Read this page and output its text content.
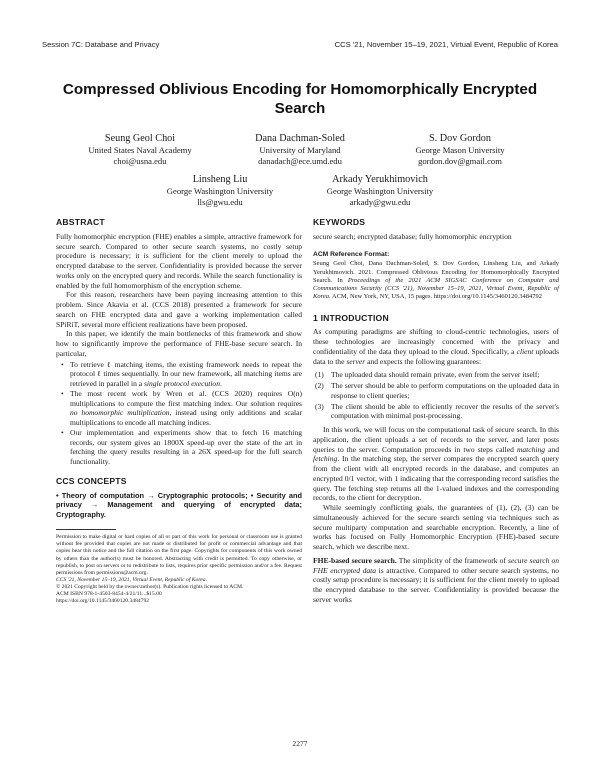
Session 7C: Database and Privacy	CCS '21, November 15–19, 2021, Virtual Event, Republic of Korea
Compressed Oblivious Encoding for Homomorphically Encrypted Search
Seung Geol Choi
United States Naval Academy
choi@usna.edu
Dana Dachman-Soled
University of Maryland
danadach@ece.umd.edu
S. Dov Gordon
George Mason University
gordon.dov@gmail.com
Linsheng Liu
George Washington University
lls@gwu.edu
Arkady Yerukhimovich
George Washington University
arkady@gwu.edu
ABSTRACT

Fully homomorphic encryption (FHE) enables a simple, attractive framework for secure search. Compared to other secure search systems, no costly setup procedure is necessary; it is sufficient for the client merely to upload the encrypted database to the server. Confidentiality is provided because the server works only on the encrypted query and records. While the search functionality is enabled by the full homomorphism of the encryption scheme.

For this reason, researchers have been paying increasing attention to this problem. Since Akavia et al. (CCS 2018) presented a framework for secure search on FHE encrypted data and gave a working implementation called SPiRiT, several more efficient realizations have been proposed.

In this paper, we identify the main bottlenecks of this framework and show how to significantly improve the performance of FHE-base secure search. In particular,

• To retrieve ℓ matching items, the existing framework needs to repeat the protocol ℓ times sequentially. In our new framework, all matching items are retrieved in parallel in a single protocol execution.
• The most recent work by Wren et al. (CCS 2020) requires O(n) multiplications to compute the first matching index. Our solution requires no homomorphic multiplication, instead using only additions and scalar multiplications to encode all matching indices.
• Our implementation and experiments show that to fetch 16 matching records, our system gives an 1800X speed-up over the state of the art in fetching the query results resulting in a 26X speed-up for the full search functionality.
CCS CONCEPTS
• Theory of computation → Cryptographic protocols; • Security and privacy → Management and querying of encrypted data; Cryptography.

Permission to make digital or hard copies of all or part of this work for personal or classroom use is granted without fee provided that copies are not made or distributed for profit or commercial advantage and that copies bear this notice and the full citation on the first page. Copyrights for components of this work owned by others than the author(s) must be honored. Abstracting with credit is permitted. To copy otherwise, or republish, to post on servers or to redistribute to lists, requires prior specific permission and/or a fee. Request permissions from permissions@acm.org.

CCS '21, November 15–19, 2021, Virtual Event, Republic of Korea.
© 2021 Copyright held by the owner/author(s). Publication rights licensed to ACM.
ACM ISBN 978-1-4503-8454-4/21/11...$15.00
https://doi.org/10.1145/3460120.3484792
KEYWORDS

secure search; encrypted database; fully homomorphic encryption

ACM Reference Format:

Seung Geol Choi, Dana Dachman-Soled, S. Dov Gordon, Linsheng Liu, and Arkady Yerukhimovich. 2021. Compressed Oblivious Encoding for Homomorphically Encrypted Search. In Proceedings of the 2021 ACM SIGSAC Conference on Computer and Communications Security (CCS '21), November 15–19, 2021, Virtual Event, Republic of Korea. ACM, New York, NY, USA, 15 pages. https://doi.org/10.1145/3460120.3484792

1 INTRODUCTION

As computing paradigms are shifting to cloud-centric technologies, users of these technologies are increasingly concerned with the privacy and confidentiality of the data they upload to the cloud. Specifically, a client uploads data to the server and expects the following guarantees:

(1) The uploaded data should remain private, even from the server itself;
(2) The server should be able to perform computations on the uploaded data in response to client queries;
(3) The client should be able to efficiently recover the results of the server's computation with minimal post-processing.

In this work, we will focus on the computational task of secure search. In this application, the client uploads a set of records to the server, and later posts queries to the server. Computation proceeds in two steps called matching and fetching. In the matching step, the server compares the encrypted search query from the client with all encrypted records in the database, and computes an encrypted 0/1 vector, with 1 indicating that the corresponding record satisfies the query. The fetching step returns all the 1-valued indexes and the corresponding records, to the client for decryption.

While seemingly conflicting goals, the guarantees of (1), (2), (3) can be simultaneously achieved for the secure search setting via techniques such as secure multiparty computation and searchable encryption. Recently, a line of works has focused on Fully Homomorphic Encryption (FHE)-based secure search, which we describe next.

FHE-based secure search. The simplicity of the framework of secure search on FHE encrypted data is attractive. Compared to other secure search systems, no costly setup procedure is necessary; it is sufficient for the client merely to upload the encrypted database to the server. Confidentiality is provided because the server works

2277
